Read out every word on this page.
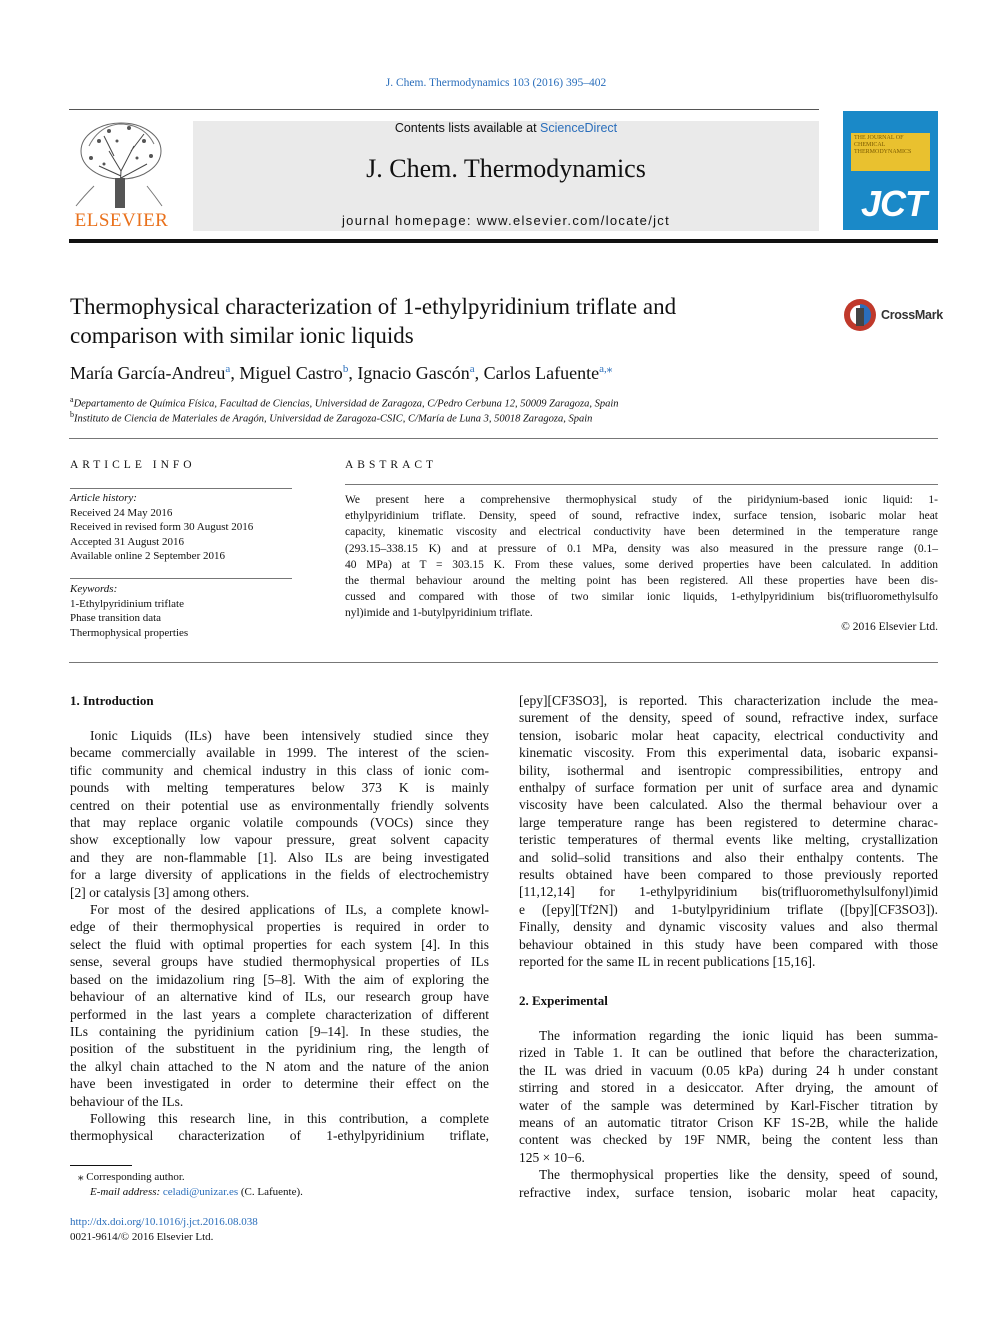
J. Chem. Thermodynamics 103 (2016) 395–402
ELSEVIER
Contents lists available at ScienceDirect
J. Chem. Thermodynamics
journal homepage: www.elsevier.com/locate/jct
THE JOURNAL OF CHEMICAL THERMODYNAMICS
JCT
Thermophysical characterization of 1-ethylpyridinium triflate and
comparison with similar ionic liquids
CrossMark
María García-Andreu$^a$, Miguel Castro$^b$, Ignacio Gascón$^a$, Carlos Lafuente$^{a,⁎}$
$^a$Departamento de Química Física, Facultad de Ciencias, Universidad de Zaragoza, C/Pedro Cerbuna 12, 50009 Zaragoza, Spain
$^b$Instituto de Ciencia de Materiales de Aragón, Universidad de Zaragoza-CSIC, C/María de Luna 3, 50018 Zaragoza, Spain
ARTICLE INFO
Article history:
Received 24 May 2016
Received in revised form 30 August 2016
Accepted 31 August 2016
Available online 2 September 2016
Keywords:
1-Ethylpyridinium triflate
Phase transition data
Thermophysical properties
ABSTRACT
We present here a comprehensive thermophysical study of the piridynium-based ionic liquid: 1-
ethylpyridinium triflate. Density, speed of sound, refractive index, surface tension, isobaric molar heat
capacity, kinematic viscosity and electrical conductivity have been determined in the temperature range
(293.15–338.15 K) and at pressure of 0.1 MPa, density was also measured in the pressure range (0.1–
40 MPa) at T = 303.15 K. From these values, some derived properties have been calculated. In addition
the thermal behaviour around the melting point has been registered. All these properties have been dis-
cussed and compared with those of two similar ionic liquids, 1-ethylpyridinium bis(trifluoromethylsulfo
nyl)imide and 1-butylpyridinium triflate.
© 2016 Elsevier Ltd.
1. Introduction
Ionic Liquids (ILs) have been intensively studied since they
became commercially available in 1999. The interest of the scien-
tific community and chemical industry in this class of ionic com-
pounds with melting temperatures below 373 K is mainly
centred on their potential use as environmentally friendly solvents
that may replace organic volatile compounds (VOCs) since they
show exceptionally low vapour pressure, great solvent capacity
and they are non-flammable [1]. Also ILs are being investigated
for a large diversity of applications in the fields of electrochemistry
[2] or catalysis [3] among others.
For most of the desired applications of ILs, a complete knowl-
edge of their thermophysical properties is required in order to
select the fluid with optimal properties for each system [4]. In this
sense, several groups have studied thermophysical properties of ILs
based on the imidazolium ring [5–8]. With the aim of exploring the
behaviour of an alternative kind of ILs, our research group have
performed in the last years a complete characterization of different
ILs containing the pyridinium cation [9–14]. In these studies, the
position of the substituent in the pyridinium ring, the length of
the alkyl chain attached to the N atom and the nature of the anion
have been investigated in order to determine their effect on the
behaviour of the ILs.
Following this research line, in this contribution, a complete
thermophysical characterization of 1-ethylpyridinium triflate,
[epy][CF3SO3], is reported. This characterization include the mea-
surement of the density, speed of sound, refractive index, surface
tension, isobaric molar heat capacity, electrical conductivity and
kinematic viscosity. From this experimental data, isobaric expansi-
bility, isothermal and isentropic compressibilities, entropy and
enthalpy of surface formation per unit of surface area and dynamic
viscosity have been calculated. Also the thermal behaviour over a
large temperature range has been registered to determine charac-
teristic temperatures of thermal events like melting, crystallization
and solid–solid transitions and also their enthalpy contents. The
results obtained have been compared to those previously reported
[11,12,14] for 1-ethylpyridinium bis(trifluoromethylsulfonyl)imid
e ([epy][Tf2N]) and 1-butylpyridinium triflate ([bpy][CF3SO3]).
Finally, density and dynamic viscosity values and also thermal
behaviour obtained in this study have been compared with those
reported for the same IL in recent publications [15,16].
2. Experimental
The information regarding the ionic liquid has been summa-
rized in Table 1. It can be outlined that before the characterization,
the IL was dried in vacuum (0.05 kPa) during 24 h under constant
stirring and stored in a desiccator. After drying, the amount of
water of the sample was determined by Karl-Fischer titration by
means of an automatic titrator Crison KF 1S-2B, while the halide
content was checked by 19F NMR, being the content less than
125 × 10−6.
The thermophysical properties like the density, speed of sound,
refractive index, surface tension, isobaric molar heat capacity,
⁎ Corresponding author.
E-mail address: celadi@unizar.es (C. Lafuente).
http://dx.doi.org/10.1016/j.jct.2016.08.038
0021-9614/© 2016 Elsevier Ltd.
